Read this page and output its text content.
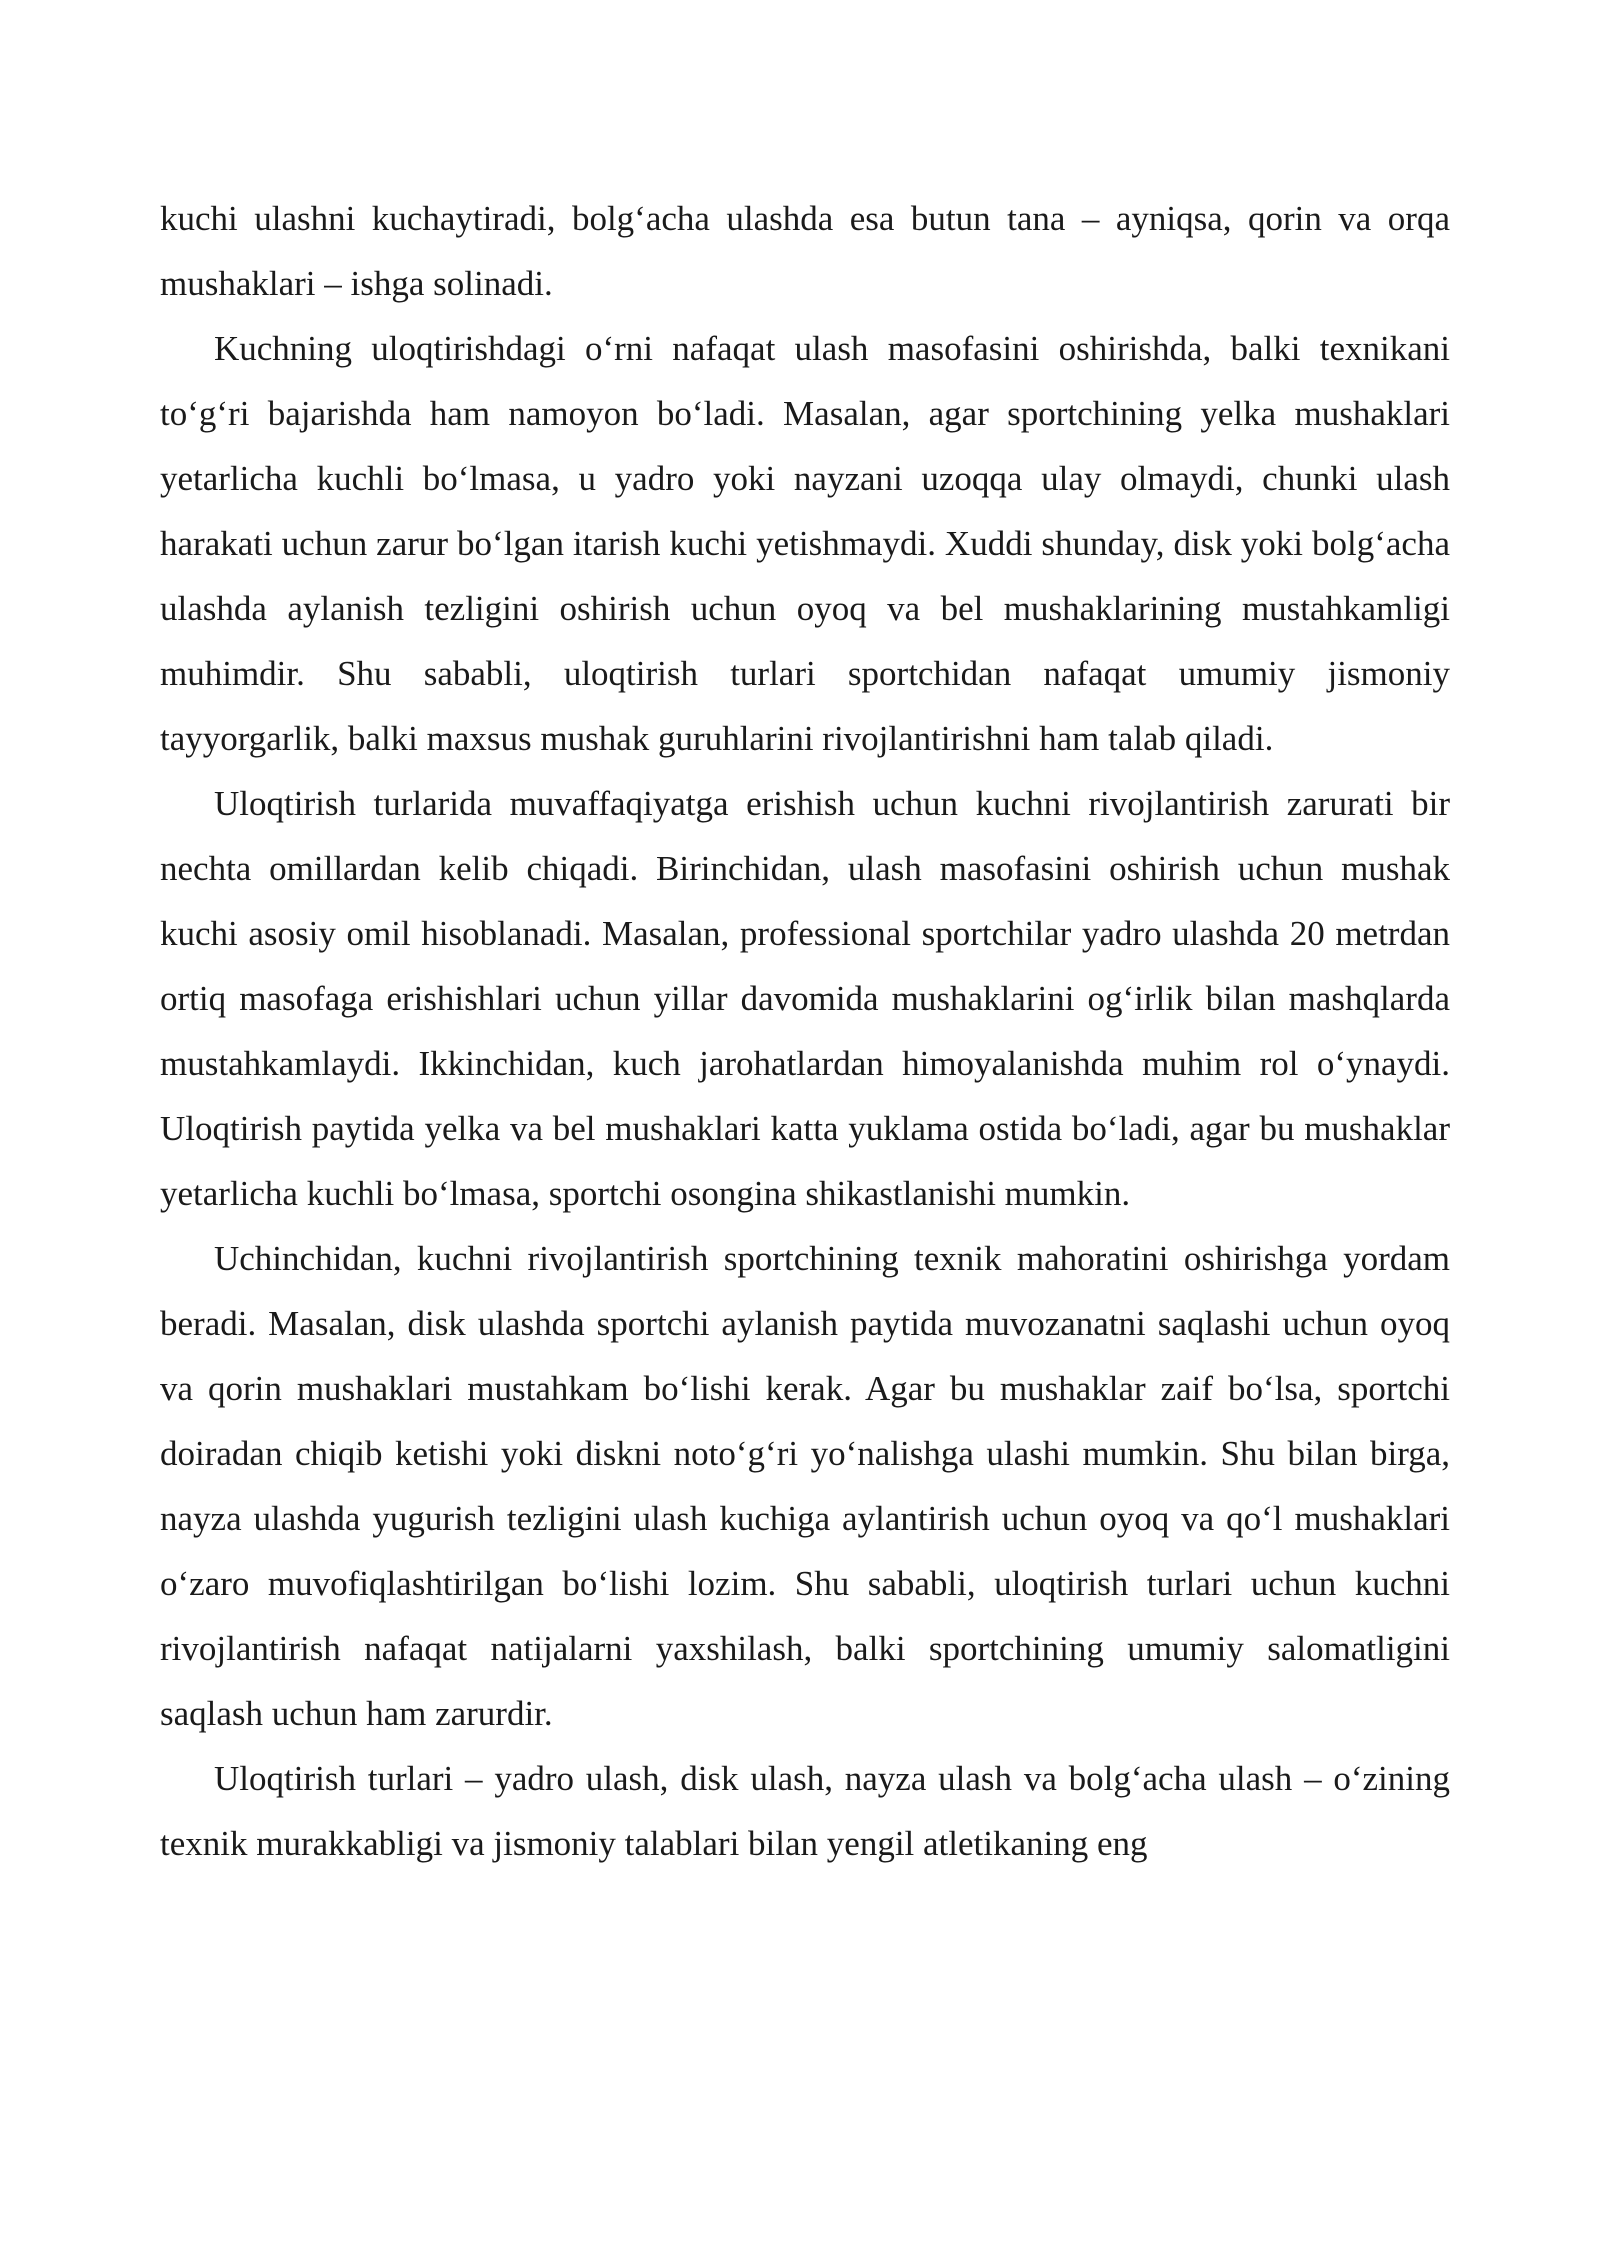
kuchi ulashni kuchaytiradi, bolg‘acha ulashda esa butun tana – ayniqsa, qorin va orqa mushaklari – ishga solinadi.

Kuchning uloqtirishdagi o‘rni nafaqat ulash masofasini oshirishda, balki texnikani to‘g‘ri bajarishda ham namoyon bo‘ladi. Masalan, agar sportchining yelka mushaklari yetarlicha kuchli bo‘lmasa, u yadro yoki nayzani uzoqqa ulay olmaydi, chunki ulash harakati uchun zarur bo‘lgan itarish kuchi yetishmaydi. Xuddi shunday, disk yoki bolg‘acha ulashda aylanish tezligini oshirish uchun oyoq va bel mushaklarining mustahkamligi muhimdir. Shu sababli, uloqtirish turlari sportchidan nafaqat umumiy jismoniy tayyorgarlik, balki maxsus mushak guruhlarini rivojlantirishni ham talab qiladi.

Uloqtirish turlarida muvaffaqiyatga erishish uchun kuchni rivojlantirish zarurati bir nechta omillardan kelib chiqadi. Birinchidan, ulash masofasini oshirish uchun mushak kuchi asosiy omil hisoblanadi. Masalan, professional sportchilar yadro ulashda 20 metrdan ortiq masofaga erishishlari uchun yillar davomida mushaklarini og‘irlik bilan mashqlarda mustahkamlaydi. Ikkinchidan, kuch jarohatlardan himoyalanishda muhim rol o‘ynaydi. Uloqtirish paytida yelka va bel mushaklari katta yuklama ostida bo‘ladi, agar bu mushaklar yetarlicha kuchli bo‘lmasa, sportchi osongina shikastlanishi mumkin.

Uchinchidan, kuchni rivojlantirish sportchining texnik mahoratini oshirishga yordam beradi. Masalan, disk ulashda sportchi aylanish paytida muvozanatni saqlashi uchun oyoq va qorin mushaklari mustahkam bo‘lishi kerak. Agar bu mushaklar zaif bo‘lsa, sportchi doiradan chiqib ketishi yoki diskni noto‘g‘ri yo‘nalishga ulashi mumkin. Shu bilan birga, nayza ulashda yugurish tezligini ulash kuchiga aylantirish uchun oyoq va qo‘l mushaklari o‘zaro muvofiqlashtirilgan bo‘lishi lozim. Shu sababli, uloqtirish turlari uchun kuchni rivojlantirish nafaqat natijalarni yaxshilash, balki sportchining umumiy salomatligini saqlash uchun ham zarurdir.

Uloqtirish turlari – yadro ulash, disk ulash, nayza ulash va bolg‘acha ulash – o‘zining texnik murakkabligi va jismoniy talablari bilan yengil atletikaning eng
